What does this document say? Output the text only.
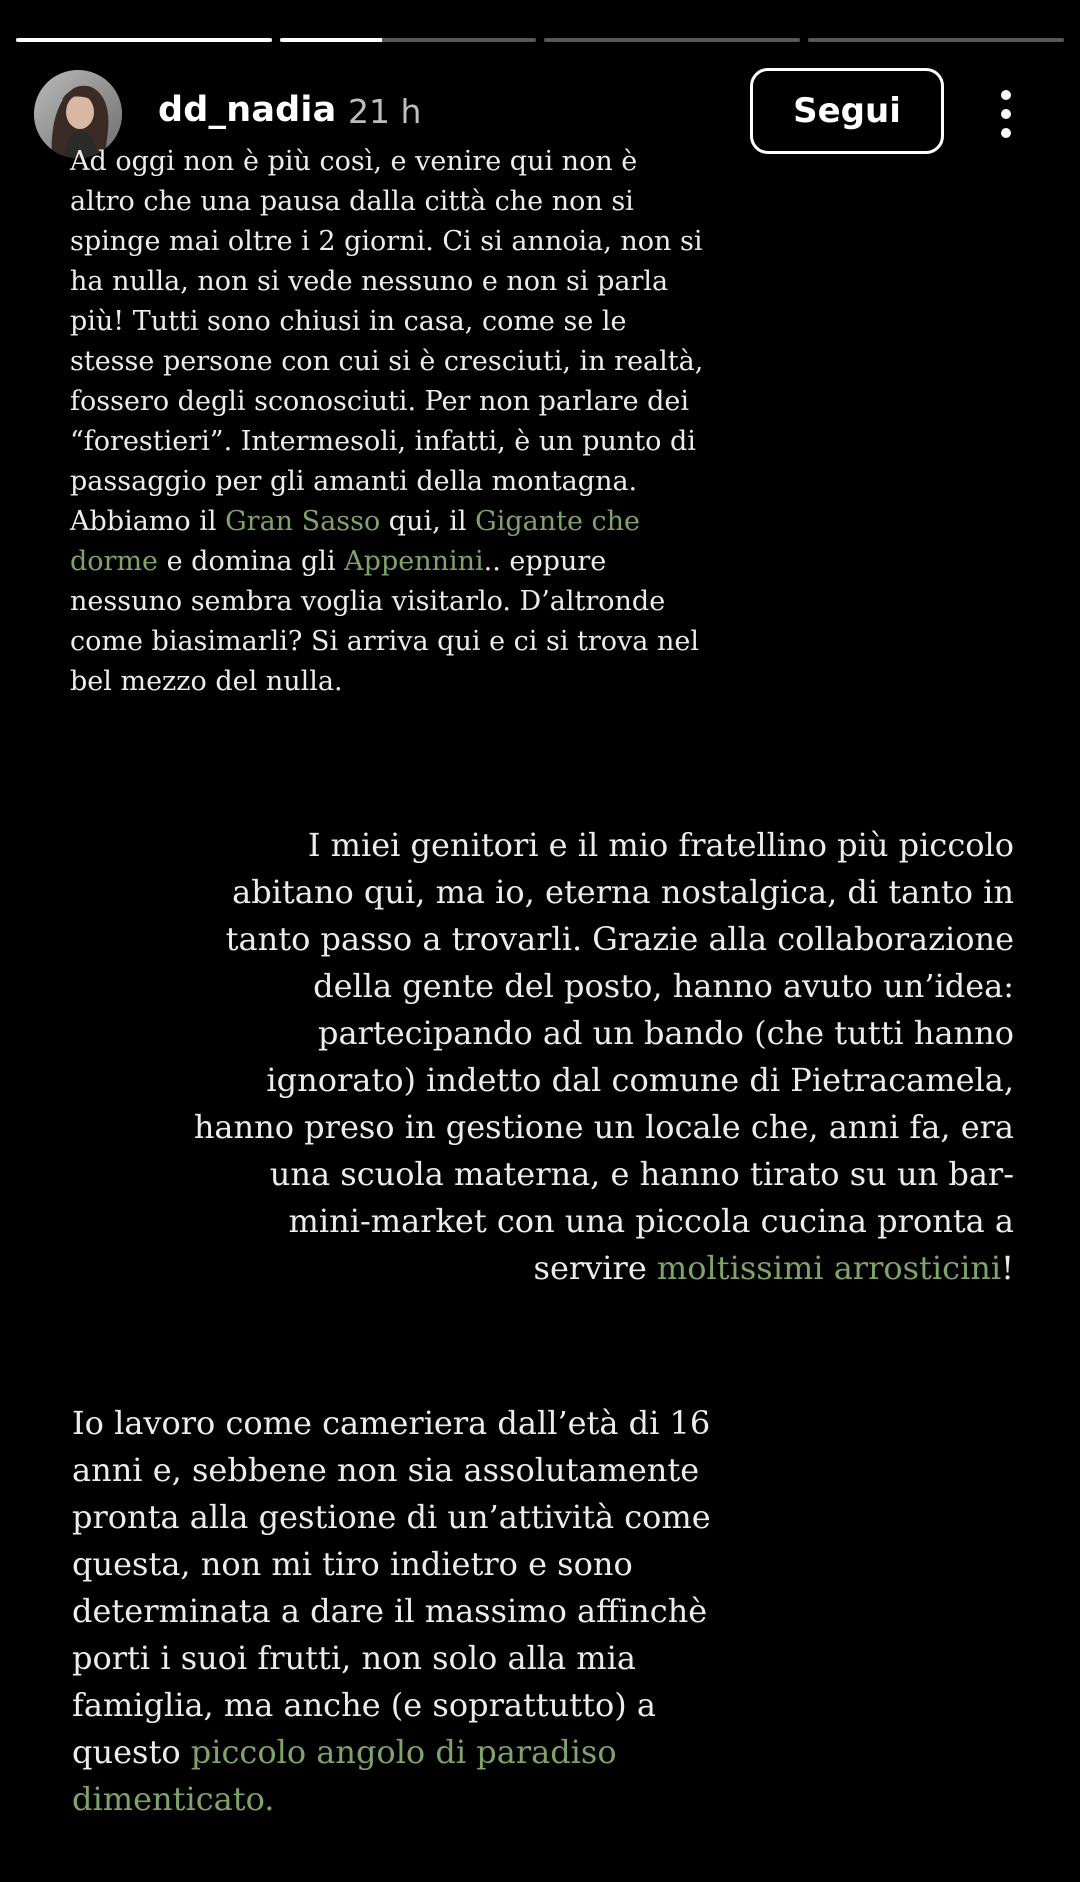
dd_nadia 21 h	Segui

Ad oggi non è più così, e venire qui non è altro che una pausa dalla città che non si spinge mai oltre i 2 giorni. Ci si annoia, non si ha nulla, non si vede nessuno e non si parla più! Tutti sono chiusi in casa, come se le stesse persone con cui si è cresciuti, in realtà, fossero degli sconosciuti. Per non parlare dei “forestieri”. Intermesoli, infatti, è un punto di passaggio per gli amanti della montagna. Abbiamo il Gran Sasso qui, il Gigante che dorme e domina gli Appennini.. eppure nessuno sembra voglia visitarlo. D’altronde come biasimarli? Si arriva qui e ci si trova nel bel mezzo del nulla.

I miei genitori e il mio fratellino più piccolo abitano qui, ma io, eterna nostalgica, di tanto in tanto passo a trovarli. Grazie alla collaborazione della gente del posto, hanno avuto un’idea: partecipando ad un bando (che tutti hanno ignorato) indetto dal comune di Pietracamela, hanno preso in gestione un locale che, anni fa, era una scuola materna, e hanno tirato su un bar-mini-market con una piccola cucina pronta a servire moltissimi arrosticini!

Io lavoro come cameriera dall’età di 16 anni e, sebbene non sia assolutamente pronta alla gestione di un’attività come questa, non mi tiro indietro e sono determinata a dare il massimo affinchè porti i suoi frutti, non solo alla mia famiglia, ma anche (e soprattutto) a questo piccolo angolo di paradiso dimenticato.
